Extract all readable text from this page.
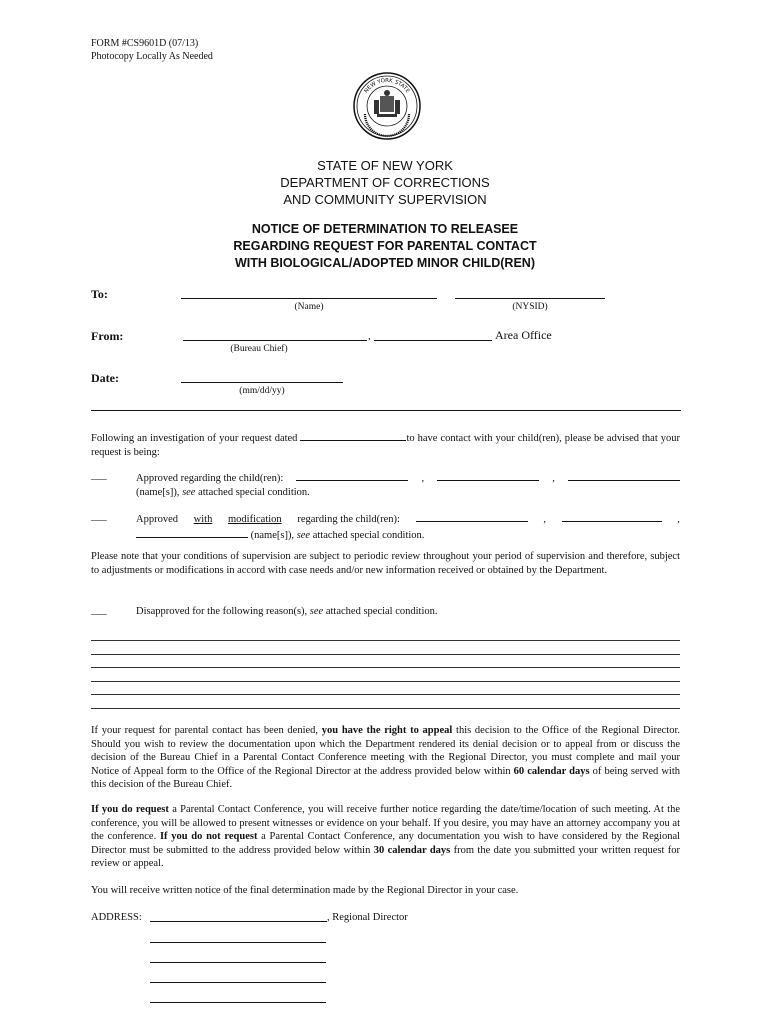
FORM #CS9601D (07/13)
Photocopy Locally As Needed
NEW YORK STATE
STATE OF NEW YORK
DEPARTMENT OF CORRECTIONS
AND COMMUNITY SUPERVISION
NOTICE OF DETERMINATION TO RELEASEE
REGARDING REQUEST FOR PARENTAL CONTACT
WITH BIOLOGICAL/ADOPTED MINOR CHILD(REN)
To:
(Name)	(NYSID)
From:	,	Area Office
(Bureau Chief)
Date:
(mm/dd/yy)
Following an investigation of your request dated	to have contact with your child(ren), please be advised that your request is being:
___	Approved regarding the child(ren):	,	,
(name[s]), see attached special condition.
___	Approved with modification regarding the child(ren):	,	,
(name[s]), see attached special condition.
Please note that your conditions of supervision are subject to periodic review throughout your period of supervision and therefore, subject to adjustments or modifications in accord with case needs and/or new information received or obtained by the Department.
___	Disapproved for the following reason(s), see attached special condition.
If your request for parental contact has been denied, you have the right to appeal this decision to the Office of the Regional Director. Should you wish to review the documentation upon which the Department rendered its denial decision or to appeal from or discuss the decision of the Bureau Chief in a Parental Contact Conference meeting with the Regional Director, you must complete and mail your Notice of Appeal form to the Office of the Regional Director at the address provided below within 60 calendar days of being served with this decision of the Bureau Chief.
If you do request a Parental Contact Conference, you will receive further notice regarding the date/time/location of such meeting. At the conference, you will be allowed to present witnesses or evidence on your behalf. If you desire, you may have an attorney accompany you at the conference. If you do not request a Parental Contact Conference, any documentation you wish to have considered by the Regional Director must be submitted to the address provided below within 30 calendar days from the date you submitted your written request for review or appeal.
You will receive written notice of the final determination made by the Regional Director in your case.
ADDRESS:	, Regional Director
